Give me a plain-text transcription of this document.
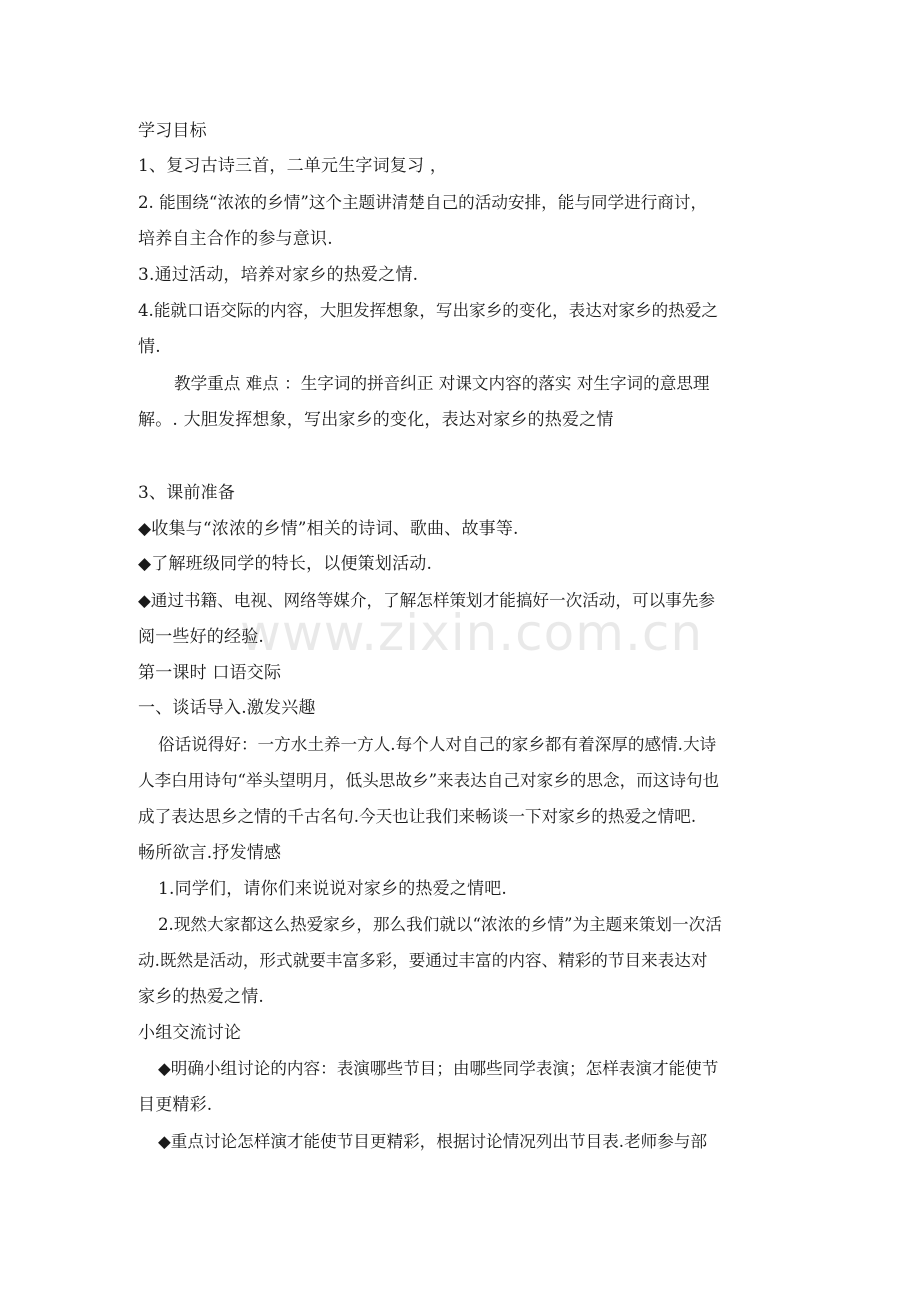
学习目标
1、复习古诗三首，二单元生字词复习 ，
2. 能围绕“浓浓的乡情”这个主题讲清楚自己的活动安排，能与同学进行商讨，
培养自主合作的参与意识.
3.通过活动，培养对家乡的热爱之情.
4.能就口语交际的内容，大胆发挥想象，写出家乡的变化，表达对家乡的热爱之
情.
教学重点 难点 ：生字词的拼音纠正 对课文内容的落实 对生字词的意思理
解。. 大胆发挥想象，写出家乡的变化，表达对家乡的热爱之情
3、课前准备
◆收集与“浓浓的乡情”相关的诗词、歌曲、故事等.
◆了解班级同学的特长，以便策划活动.
◆通过书籍、电视、网络等媒介，了解怎样策划才能搞好一次活动，可以事先参
阅一些好的经验.
第一课时 口语交际
一、谈话导入.激发兴趣
俗话说得好：一方水土养一方人.每个人对自己的家乡都有着深厚的感情.大诗
人李白用诗句“举头望明月，低头思故乡”来表达自己对家乡的思念，而这诗句也
成了表达思乡之情的千古名句.今天也让我们来畅谈一下对家乡的热爱之情吧.
畅所欲言.抒发情感
1.同学们，请你们来说说对家乡的热爱之情吧.
2.现然大家都这么热爱家乡，那么我们就以“浓浓的乡情”为主题来策划一次活
动.既然是活动，形式就要丰富多彩，要通过丰富的内容、精彩的节目来表达对
家乡的热爱之情.
小组交流讨论
◆明确小组讨论的内容：表演哪些节目；由哪些同学表演；怎样表演才能使节
目更精彩.
◆重点讨论怎样演才能使节目更精彩，根据讨论情况列出节目表.老师参与部
www.zixin.com.cn
